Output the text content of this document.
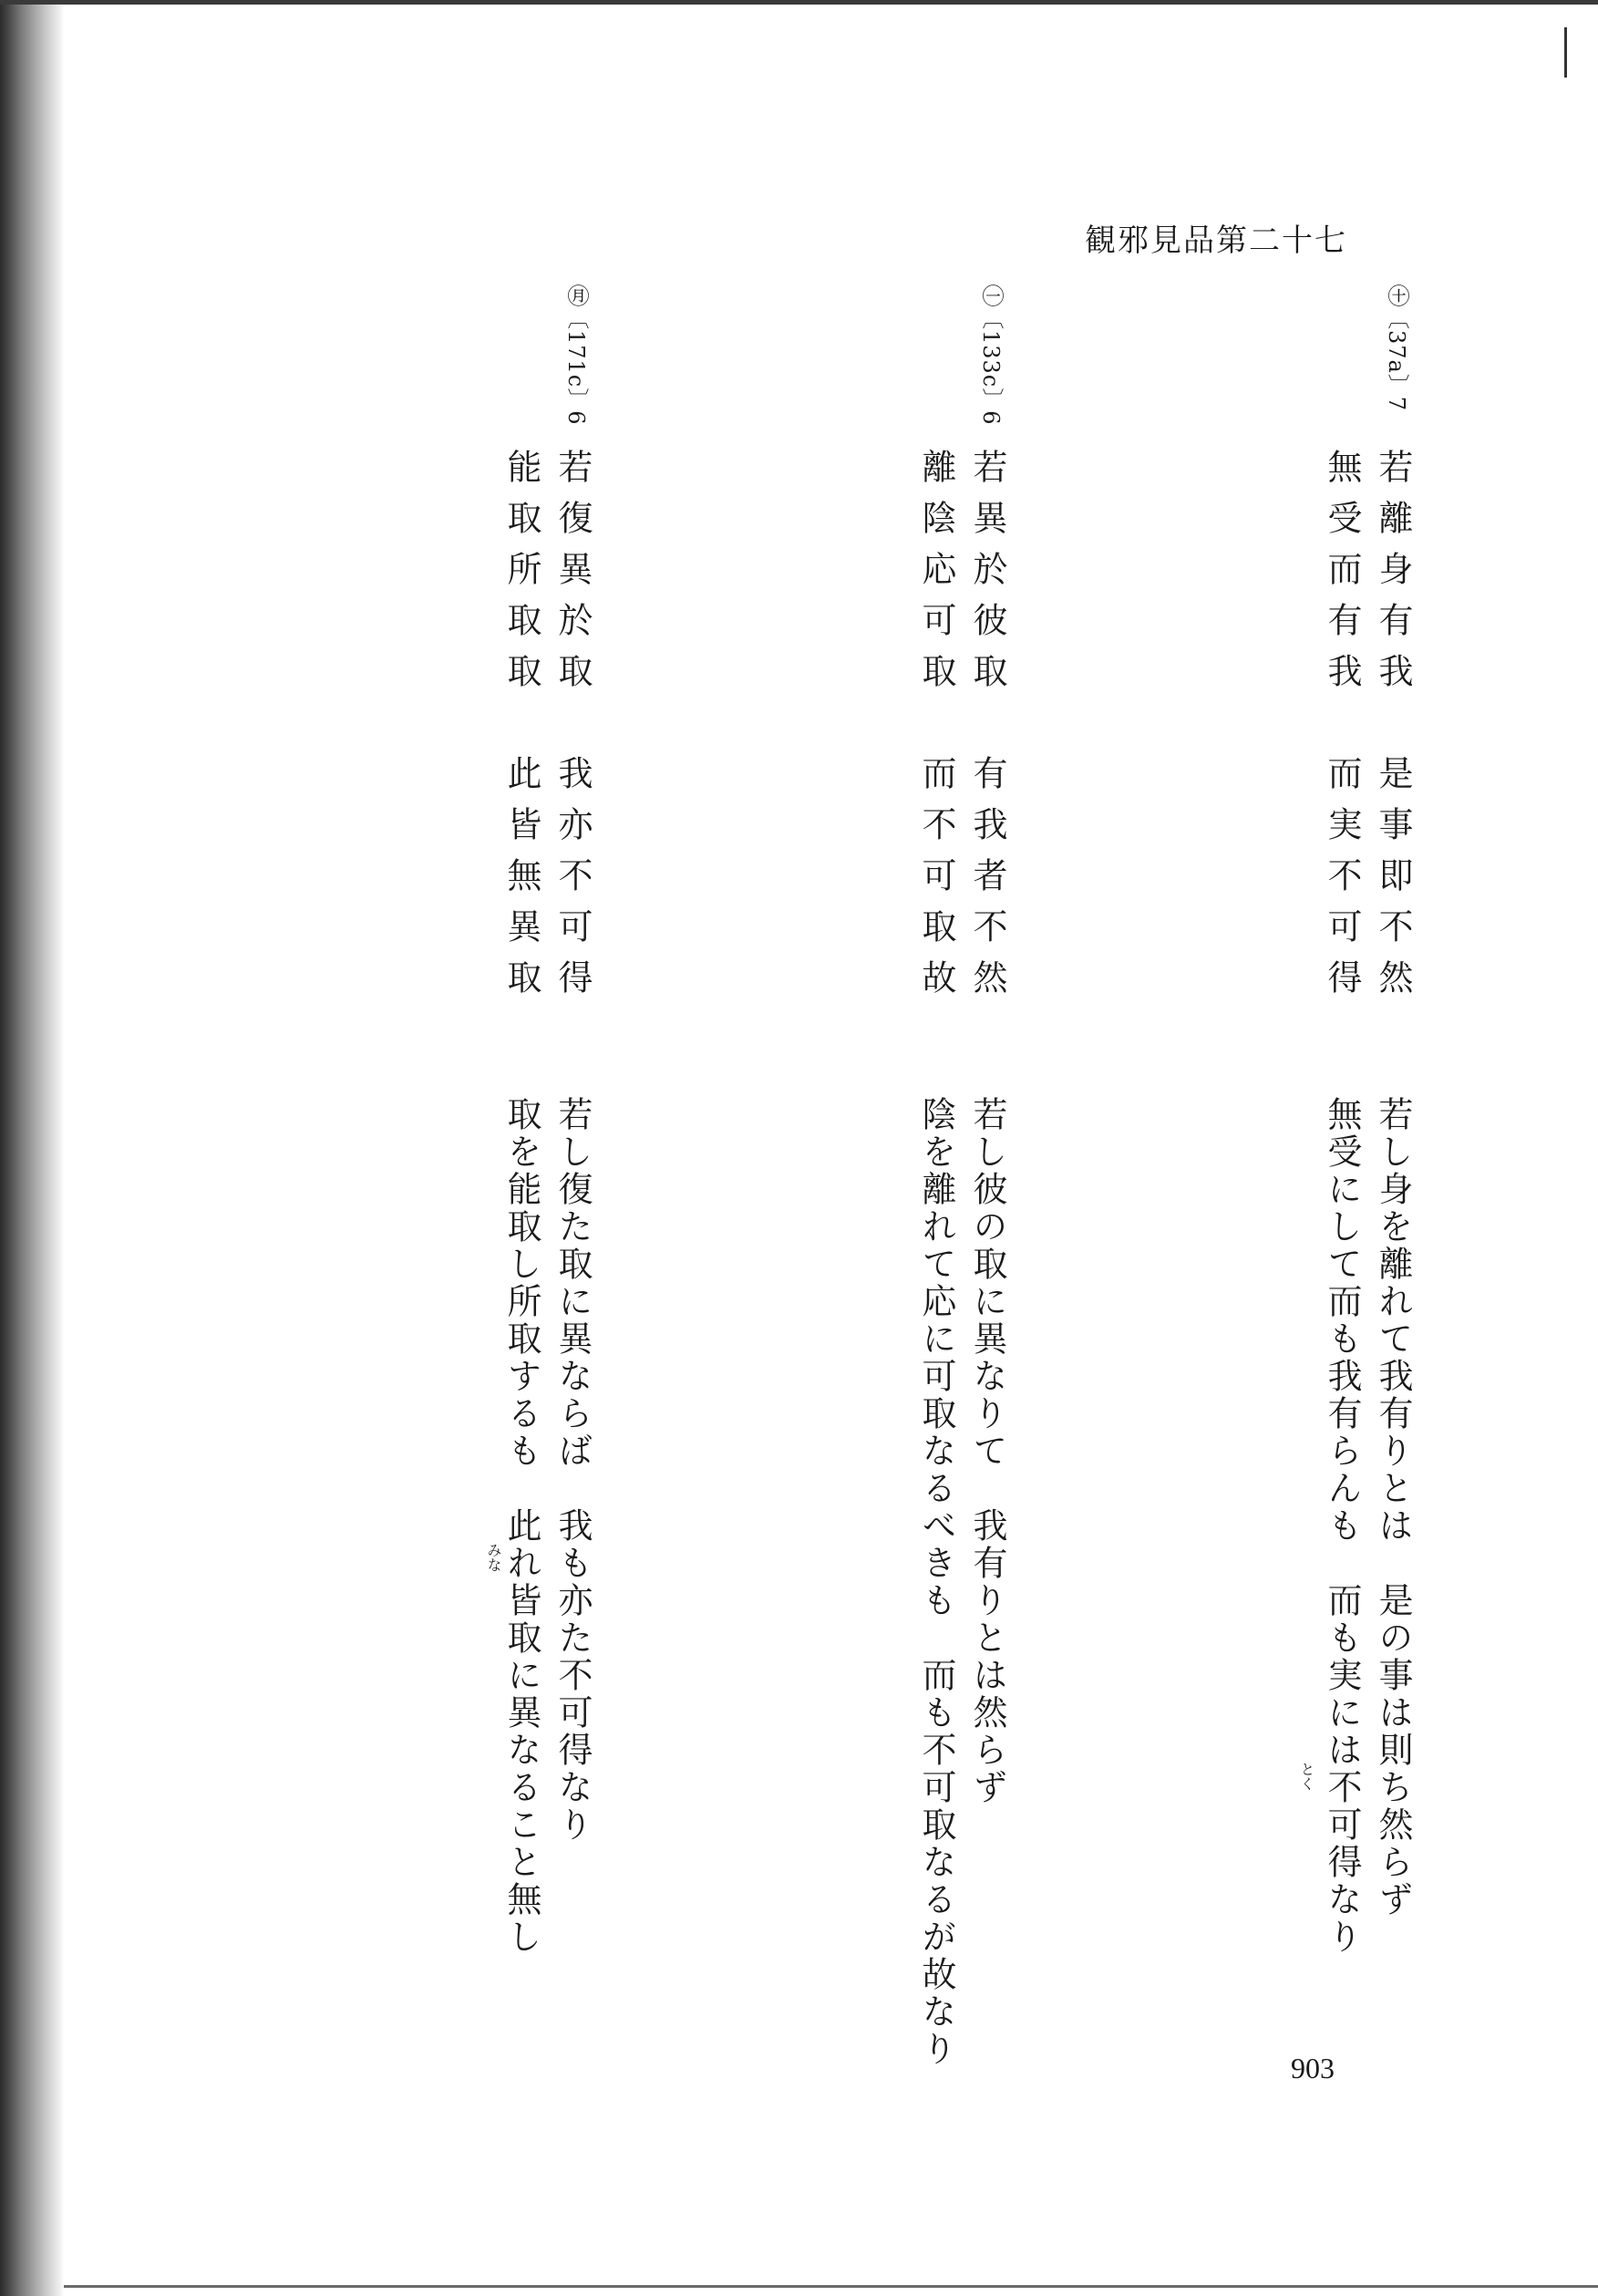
観邪見品第二十七
㊉〔37a〕7
若離身有我　是事即不然
無受而有我　而実不可得
若し身を離れて我有りとは　是の事は則ち然らず
無受にして而も我有らんも　而も実には不可得なり
とく
㊀〔133c〕6
若異於彼取　有我者不然
離陰応可取　而不可取故
若し彼の取に異なりて　我有りとは然らず
陰を離れて応に可取なるべきも　而も不可取なるが故なり
㊊〔171c〕6
若復異於取　我亦不可得
能取所取取　此皆無異取
若し復た取に異ならば　我も亦た不可得なり
取を能取し所取するも　此れ皆取に異なること無し
みな
903
